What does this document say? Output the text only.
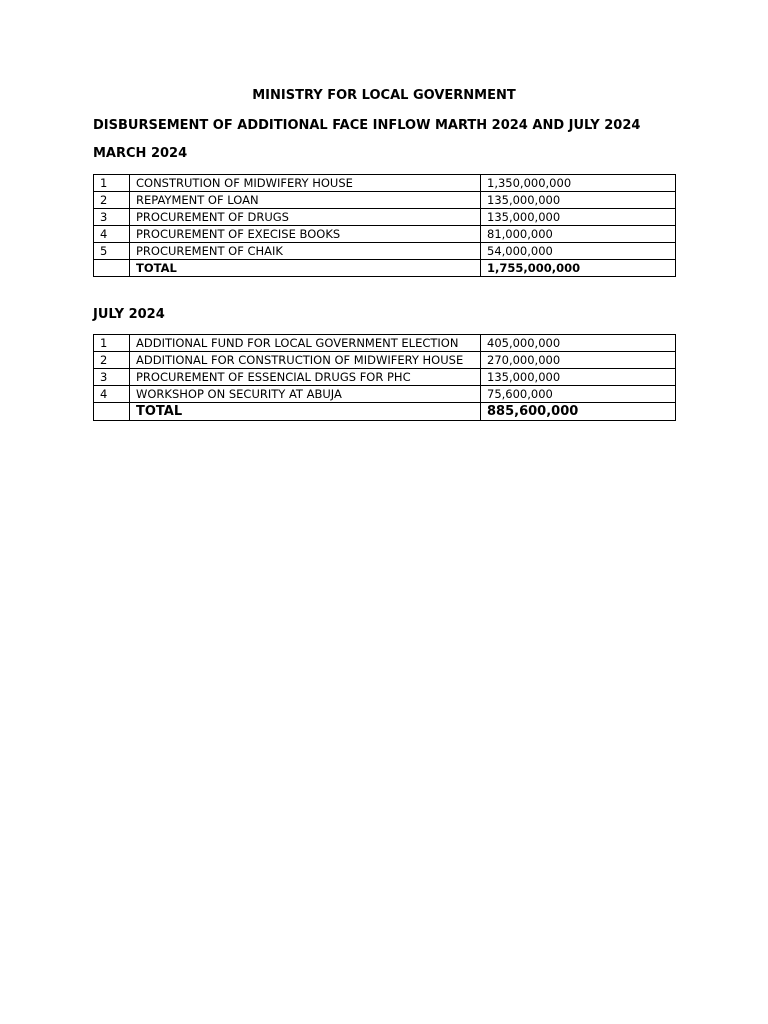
MINISTRY FOR LOCAL GOVERNMENT
DISBURSEMENT OF ADDITIONAL FACE INFLOW MARTH 2024 AND JULY 2024
MARCH 2024
1	CONSTRUTION OF MIDWIFERY HOUSE	1,350,000,000
2	REPAYMENT OF LOAN	135,000,000
3	PROCUREMENT OF DRUGS	135,000,000
4	PROCUREMENT OF EXECISE BOOKS	81,000,000
5	PROCUREMENT OF CHAIK	54,000,000
	TOTAL	1,755,000,000
JULY 2024
1	ADDITIONAL FUND FOR LOCAL GOVERNMENT ELECTION	405,000,000
2	ADDITIONAL FOR CONSTRUCTION OF MIDWIFERY HOUSE	270,000,000
3	PROCUREMENT OF ESSENCIAL DRUGS FOR PHC	135,000,000
4	WORKSHOP ON SECURITY AT ABUJA	75,600,000
	TOTAL	885,600,000
